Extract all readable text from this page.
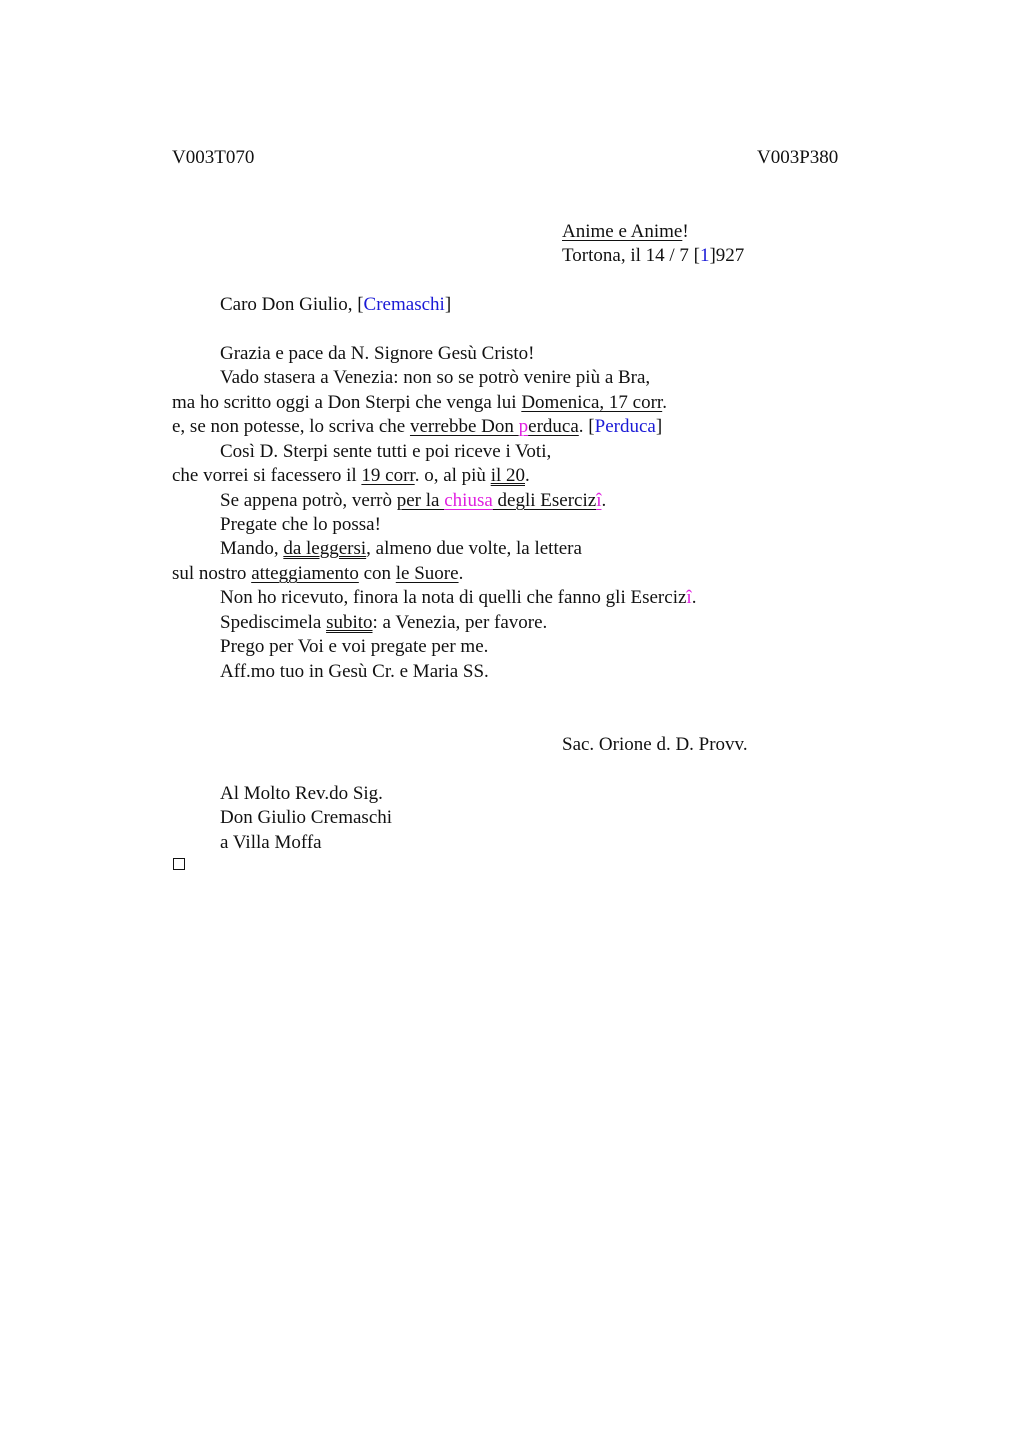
V003T070	V003P380
Anime e Anime!
Tortona, il 14 / 7 [1]927
Caro Don Giulio, [Cremaschi]
Grazia e pace da N. Signore Gesù Cristo!
Vado stasera a Venezia: non so se potrò venire più a Bra,
ma ho scritto oggi a Don Sterpi che venga lui Domenica, 17 corr.
e, se non potesse, lo scriva che verrebbe Don perduca. [Perduca]
Così D. Sterpi sente tutti e poi riceve i Voti,
che vorrei si facessero il 19 corr. o, al più il 20.
Se appena potrò, verrò per la chiusa degli Esercizî.
Pregate che lo possa!
Mando, da leggersi, almeno due volte, la lettera
sul nostro atteggiamento con le Suore.
Non ho ricevuto, finora la nota di quelli che fanno gli Esercizî.
Spediscimela subito: a Venezia, per favore.
Prego per Voi e voi pregate per me.
Aff.mo tuo in Gesù Cr. e Maria SS.
Sac. Orione d. D. Provv.
Al Molto Rev.do Sig.
Don Giulio Cremaschi
a Villa Moffa
